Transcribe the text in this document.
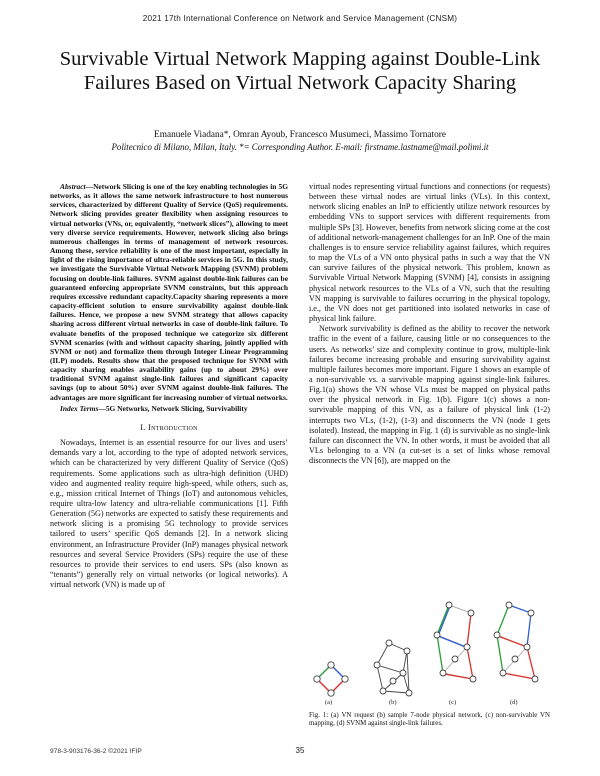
2021 17th International Conference on Network and Service Management (CNSM)
Survivable Virtual Network Mapping against Double-Link Failures Based on Virtual Network Capacity Sharing
Emanuele Viadana*, Omran Ayoub, Francesco Musumeci, Massimo Tornatore
Politecnico di Milano, Milan, Italy. *= Corresponding Author. E-mail: firstname.lastname@mail.polimi.it

Abstract—Network Slicing is one of the key enabling technologies in 5G networks, as it allows the same network infrastructure to host numerous services, characterized by different Quality of Service (QoS) requirements. Network slicing provides greater flexibility when assigning resources to virtual networks (VNs, or, equivalently, “network slices”), allowing to meet very diverse service requirements. However, network slicing also brings numerous challenges in terms of management of network resources. Among these, service reliability is one of the most important, especially in light of the rising importance of ultra-reliable services in 5G. In this study, we investigate the Survivable Virtual Network Mapping (SVNM) problem focusing on double-link failures. SVNM against double-link failures can be guaranteed enforcing appropriate SVNM constraints, but this approach requires excessive redundant capacity.Capacity sharing represents a more capacity-efficient solution to ensure survivability against double-link failures. Hence, we propose a new SVNM strategy that allows capacity sharing across different virtual networks in case of double-link failure. To evaluate benefits of the proposed technique we categorize six different SVNM scenarios (with and without capacity sharing, jointly applied with SVNM or not) and formalize them through Integer Linear Programming (ILP) models. Results show that the proposed technique for SVNM with capacity sharing enables availability gains (up to about 29%) over traditional SVNM against single-link failures and significant capacity savings (up to about 50%) over SVNM against double-link failures. The advantages are more significant for increasing number of virtual networks.

Index Terms—5G Networks, Network Slicing, Survivability

I. Introduction

Nowadays, Internet is an essential resource for our lives and users’ demands vary a lot, according to the type of adopted network services, which can be characterized by very different Quality of Service (QoS) requirements. Some applications such as ultra-high definition (UHD) video and augmented reality require high-speed, while others, such as, e.g., mission critical Internet of Things (IoT) and autonomous vehicles, require ultra-low latency and ultra-reliable communications [1]. Fifth Generation (5G) networks are expected to satisfy these requirements and network slicing is a promising 5G technology to provide services tailored to users’ specific QoS demands [2]. In a network slicing environment, an Infrastructure Provider (InP) manages physical network resources and several Service Providers (SPs) require the use of these resources to provide their services to end users. SPs (also known as “tenants”) generally rely on virtual networks (or logical networks). A virtual network (VN) is made up of

virtual nodes representing virtual functions and connections (or requests) between these virtual nodes are virtual links (VLs). In this context, network slicing enables an InP to efficiently utilize network resources by embedding VNs to support services with different requirements from multiple SPs [3]. However, benefits from network slicing come at the cost of additional network-management challenges for an InP. One of the main challenges is to ensure service reliability against failures, which requires to map the VLs of a VN onto physical paths in such a way that the VN can survive failures of the physical network. This problem, known as Survivable Virtual Network Mapping (SVNM) [4], consists in assigning physical network resources to the VLs of a VN, such that the resulting VN mapping is survivable to failures occurring in the physical topology, i.e., the VN does not get partitioned into isolated networks in case of physical link failure.

Network survivability is defined as the ability to recover the network traffic in the event of a failure, causing little or no consequences to the users. As networks’ size and complexity continue to grow, multiple-link failures become increasing probable and ensuring survivability against multiple failures becomes more important. Figure 1 shows an example of a non-survivable vs. a survivable mapping against single-link failures. Fig.1(a) shows the VN whose VLs must be mapped on physical paths over the physical network in Fig. 1(b). Figure 1(c) shows a non-survivable mapping of this VN, as a failure of physical link (1-2) interrupts two VLs, (1-2), (1-3) and disconnects the VN (node 1 gets isolated). Instead, the mapping in Fig. 1 (d) is survivable as no single-link failure can disconnect the VN. In other words, it must be avoided that all VLs belonging to a VN (a cut-set is a set of links whose removal disconnects the VN [6]), are mapped on the

(a)	(b)	(c)	(d)
Fig. 1: (a) VN request (b) sample 7-node physical network, (c) non-survivable VN mapping, (d) SVNM against single-link failures.
978-3-903176-36-2 ©2021 IFIP	35
